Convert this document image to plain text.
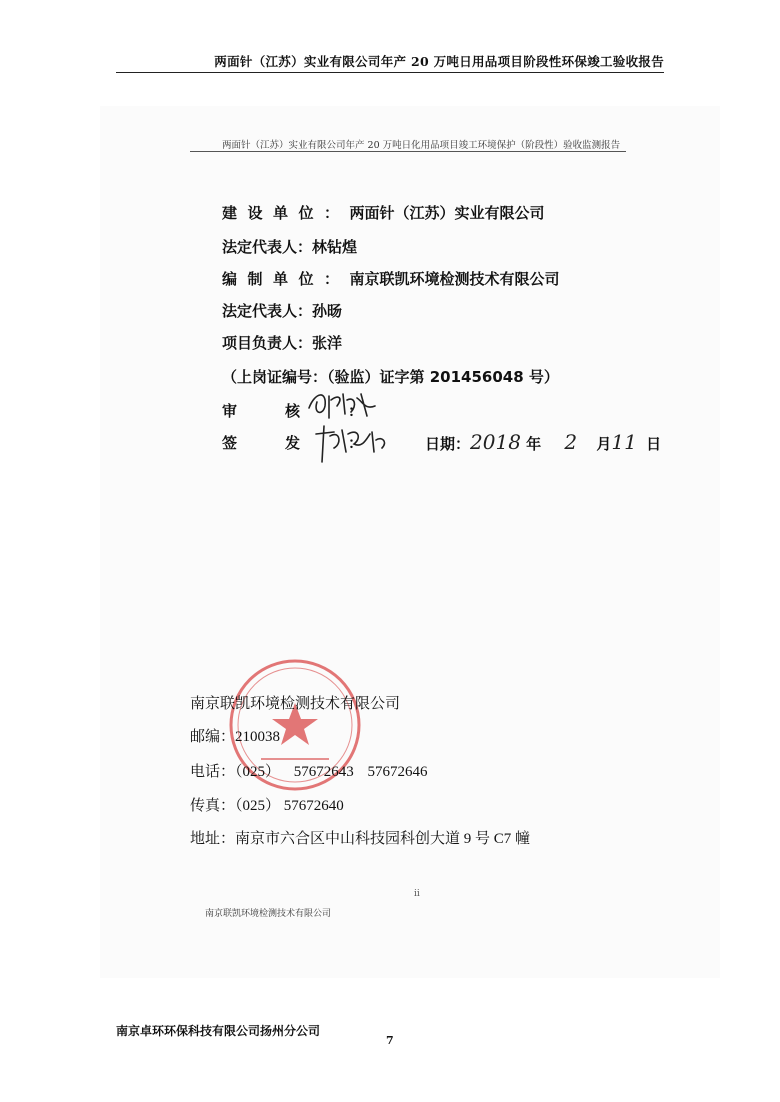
两面针（江苏）实业有限公司年产 20 万吨日用品项目阶段性环保竣工验收报告
两面针（江苏）实业有限公司年产 20 万吨日化用品项目竣工环境保护（阶段性）验收监测报告
建设单位：两面针（江苏）实业有限公司
法定代表人：林钻煌
编制单位：南京联凯环境检测技术有限公司
法定代表人：孙旸
项目负责人：张洋
（上岗证编号：（验监）证字第 201456048 号）
审核：
签发： 日期：2018 年 2 月11 日
南京联凯环境检测技术有限公司
邮编：210038
电话：（025） 57672643 57672646
传真：（025） 57672640
地址：南京市六合区中山科技园科创大道 9 号 C7 幢
ii
南京联凯环境检测技术有限公司
南京卓环环保科技有限公司扬州分公司
7
